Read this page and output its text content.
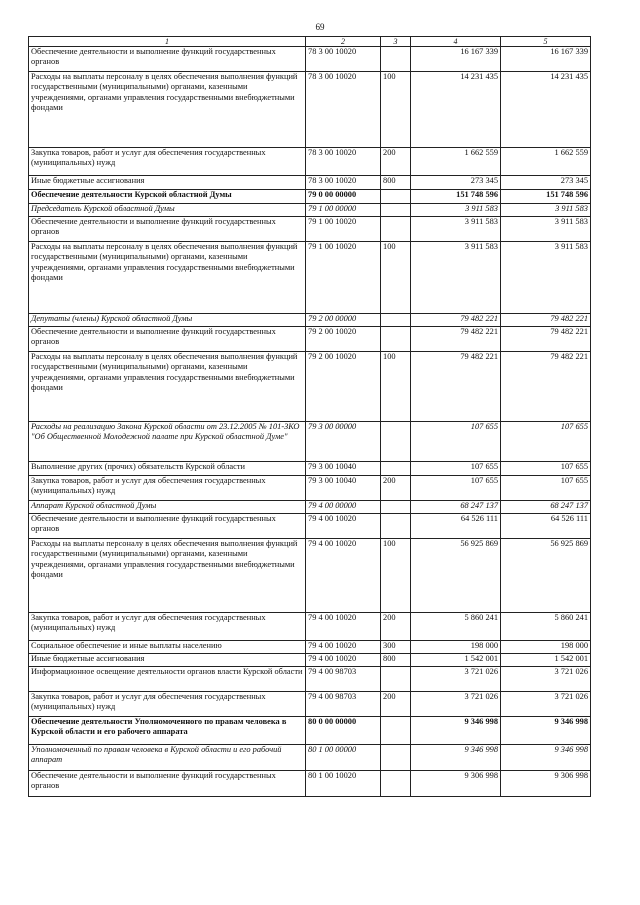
69
1	2	3	4	5
Обеспечение деятельности и выполнение функций государственных органов	78 3 00 10020		16 167 339	16 167 339
Расходы на выплаты персоналу в целях обеспечения выполнения функций государственными (муниципальными) органами, казенными учреждениями, органами управления государственными внебюджетными фондами	78 3 00 10020	100	14 231 435	14 231 435
Закупка товаров, работ и услуг для обеспечения государственных (муниципальных) нужд	78 3 00 10020	200	1 662 559	1 662 559
Иные бюджетные ассигнования	78 3 00 10020	800	273 345	273 345
Обеспечение деятельности Курской областной Думы	79 0 00 00000		151 748 596	151 748 596
Председатель Курской областной Думы	79 1 00 00000		3 911 583	3 911 583
Обеспечение деятельности и выполнение функций государственных органов	79 1 00 10020		3 911 583	3 911 583
Расходы на выплаты персоналу в целях обеспечения выполнения функций государственными (муниципальными) органами, казенными учреждениями, органами управления государственными внебюджетными фондами	79 1 00 10020	100	3 911 583	3 911 583
Депутаты (члены) Курской областной Думы	79 2 00 00000		79 482 221	79 482 221
Обеспечение деятельности и выполнение функций государственных органов	79 2 00 10020		79 482 221	79 482 221
Расходы на выплаты персоналу в целях обеспечения выполнения функций государственными (муниципальными) органами, казенными учреждениями, органами управления государственными внебюджетными фондами	79 2 00 10020	100	79 482 221	79 482 221
Расходы на реализацию Закона Курской области от 23.12.2005 № 101-ЗКО "Об Общественной Молодежной палате при Курской областной Думе"	79 3 00 00000		107 655	107 655
Выполнение других (прочих) обязательств Курской области	79 3 00 10040		107 655	107 655
Закупка товаров, работ и услуг для обеспечения государственных (муниципальных) нужд	79 3 00 10040	200	107 655	107 655
Аппарат Курской областной Думы	79 4 00 00000		68 247 137	68 247 137
Обеспечение деятельности и выполнение функций государственных органов	79 4 00 10020		64 526 111	64 526 111
Расходы на выплаты персоналу в целях обеспечения выполнения функций государственными (муниципальными) органами, казенными учреждениями, органами управления государственными внебюджетными фондами	79 4 00 10020	100	56 925 869	56 925 869
Закупка товаров, работ и услуг для обеспечения государственных (муниципальных) нужд	79 4 00 10020	200	5 860 241	5 860 241
Социальное обеспечение и иные выплаты населению	79 4 00 10020	300	198 000	198 000
Иные бюджетные ассигнования	79 4 00 10020	800	1 542 001	1 542 001
Информационное освещение деятельности органов власти Курской области	79 4 00 98703		3 721 026	3 721 026
Закупка товаров, работ и услуг для обеспечения государственных (муниципальных) нужд	79 4 00 98703	200	3 721 026	3 721 026
Обеспечение деятельности Уполномоченного по правам человека в Курской области и его рабочего аппарата	80 0 00 00000		9 346 998	9 346 998
Уполномоченный по правам человека в Курской области и его рабочий аппарат	80 1 00 00000		9 346 998	9 346 998
Обеспечение деятельности и выполнение функций государственных органов	80 1 00 10020		9 306 998	9 306 998
